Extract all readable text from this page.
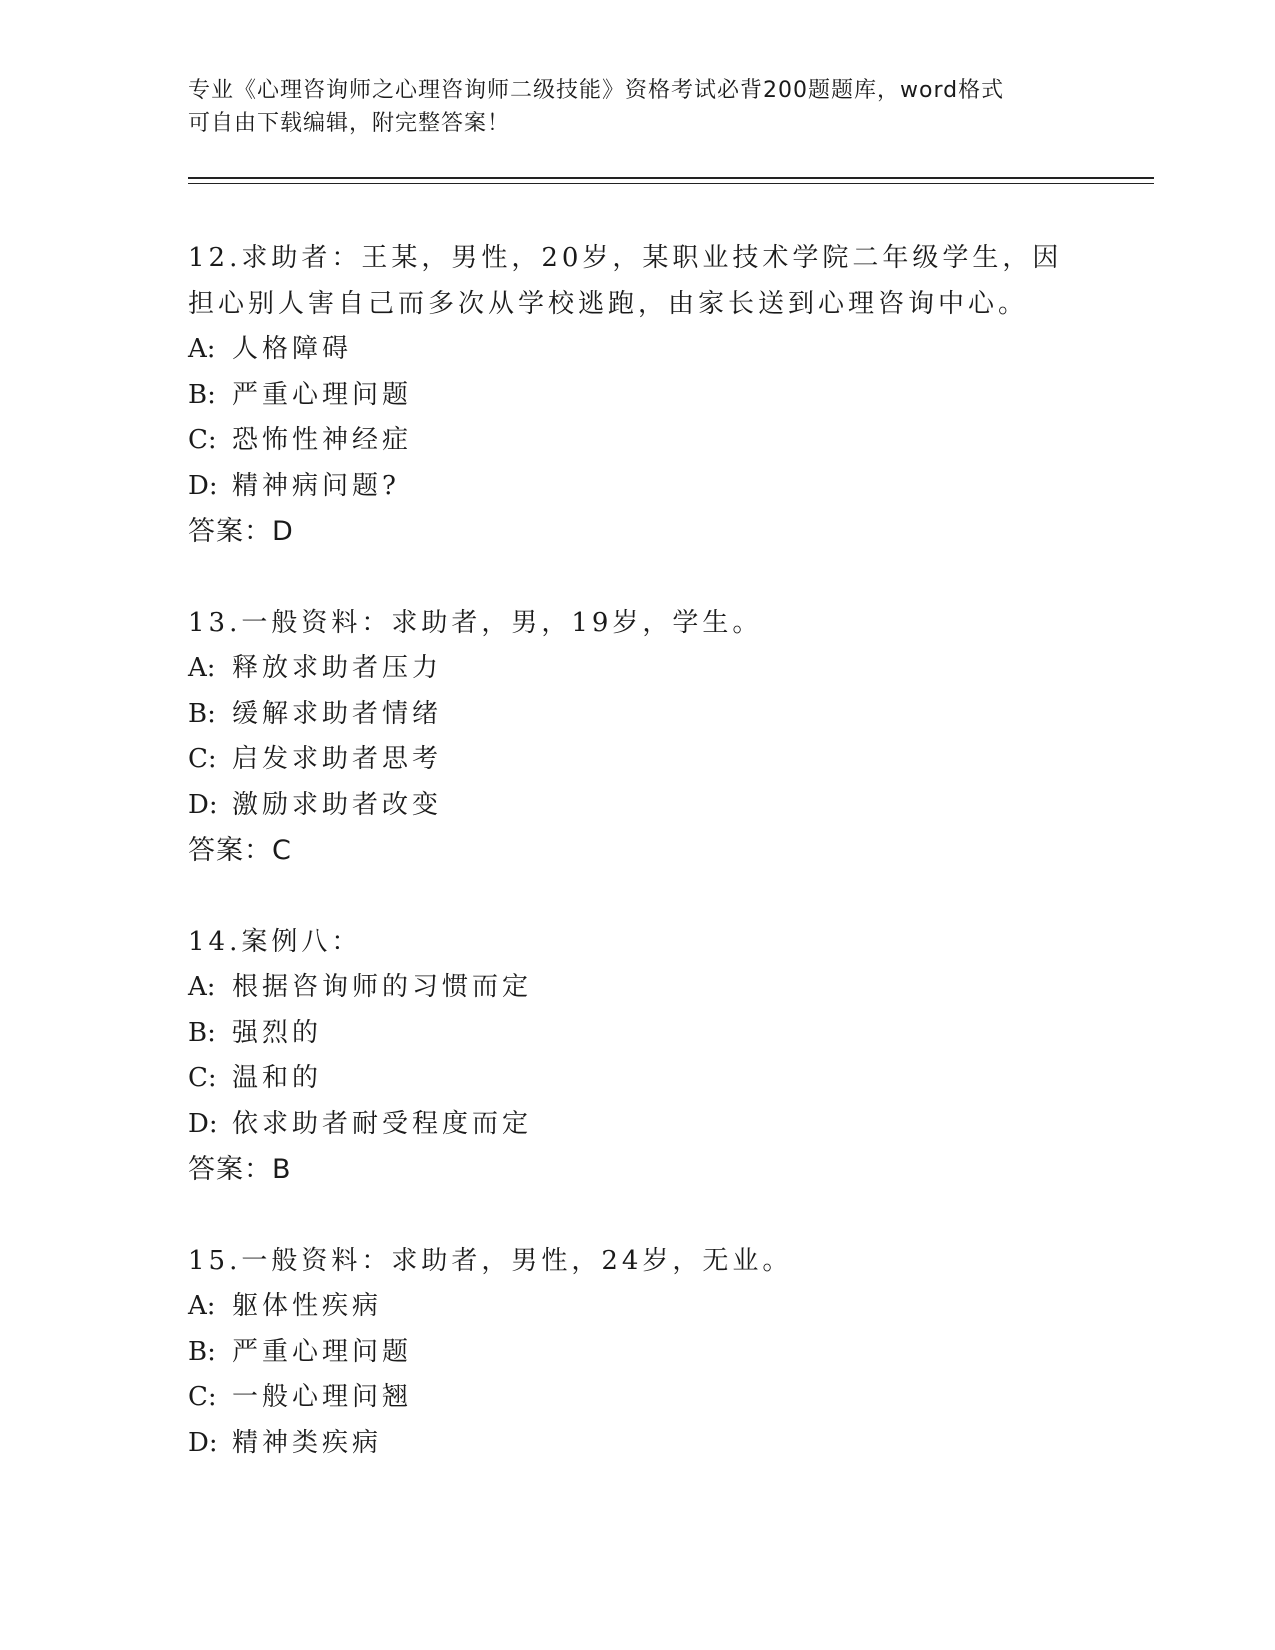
专业《心理咨询师之心理咨询师二级技能》资格考试必背200题题库，word格式
可自由下载编辑，附完整答案！

12.求助者：王某，男性，20岁，某职业技术学院二年级学生，因担心别人害自己而多次从学校逃跑，由家长送到心理咨询中心。

A: 人格障碍

B: 严重心理问题

C: 恐怖性神经症

D: 精神病问题?

答案：D

13.一般资料：求助者，男，19岁，学生。

A: 释放求助者压力

B: 缓解求助者情绪

C: 启发求助者思考

D: 激励求助者改变

答案：C

14.案例八：

A: 根据咨询师的习惯而定

B: 强烈的

C: 温和的

D: 依求助者耐受程度而定

答案：B

15.一般资料：求助者，男性，24岁，无业。

A: 躯体性疾病

B: 严重心理问题

C: 一般心理问翘

D: 精神类疾病
